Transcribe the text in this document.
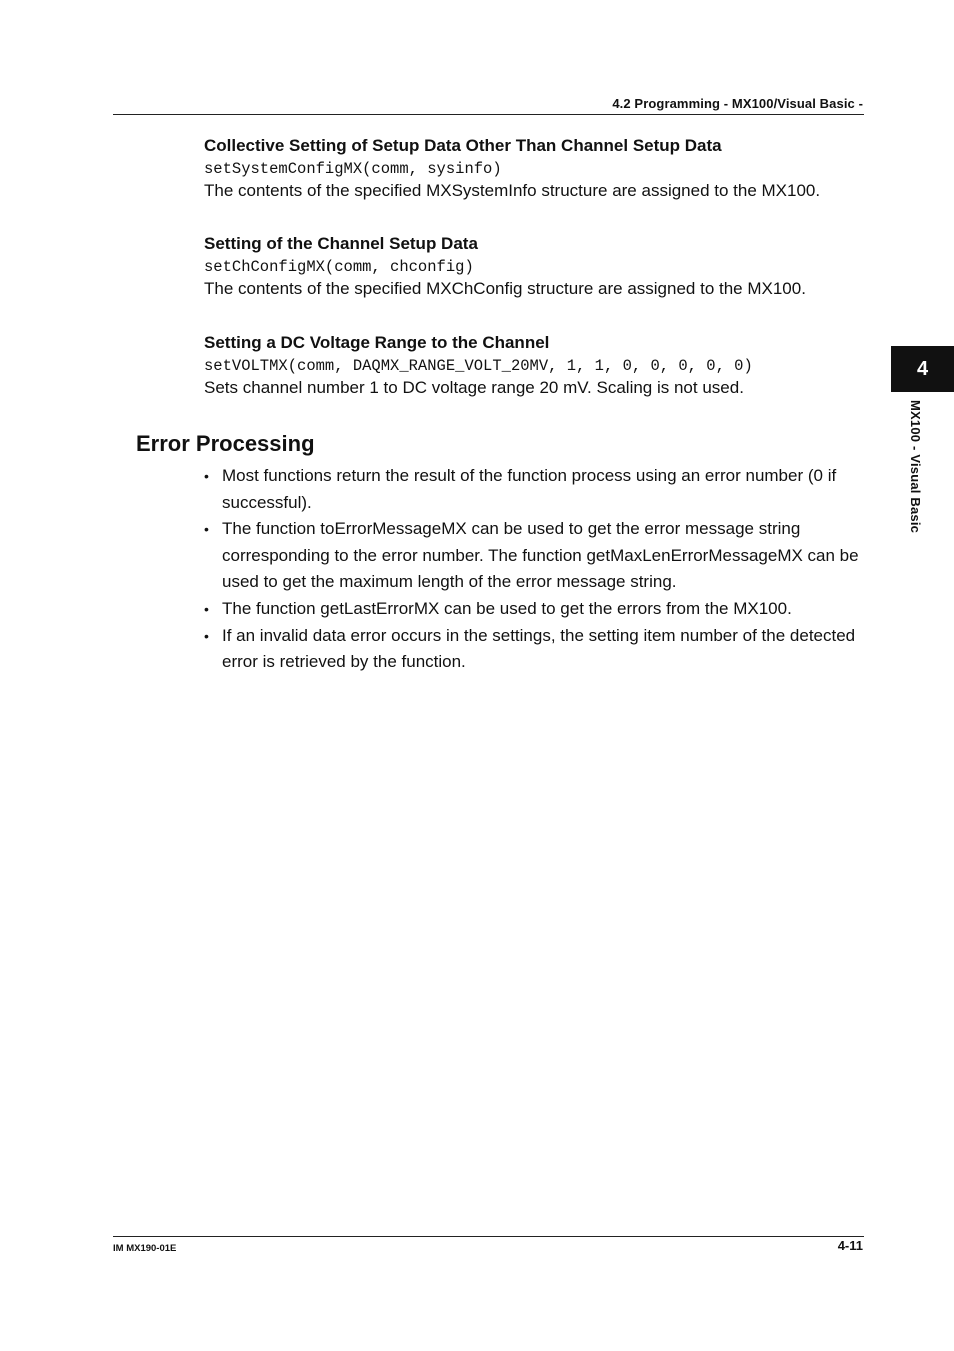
4.2 Programming - MX100/Visual Basic -
Collective Setting of Setup Data Other Than Channel Setup Data
setSystemConfigMX(comm, sysinfo)
The contents of the specified MXSystemInfo structure are assigned to the MX100.
Setting of the Channel Setup Data
setChConfigMX(comm, chconfig)
The contents of the specified MXChConfig structure are assigned to the MX100.
Setting a DC Voltage Range to the Channel
setVOLTMX(comm, DAQMX_RANGE_VOLT_20MV, 1, 1, 0, 0, 0, 0, 0)
Sets channel number 1 to DC voltage range 20 mV. Scaling is not used.
Error Processing
• Most functions return the result of the function process using an error number (0 if successful).
• The function toErrorMessageMX can be used to get the error message string corresponding to the error number. The function getMaxLenErrorMessageMX can be used to get the maximum length of the error message string.
• The function getLastErrorMX can be used to get the errors from the MX100.
• If an invalid data error occurs in the settings, the setting item number of the detected error is retrieved by the function.
4
MX100 - Visual Basic
IM MX190-01E	4-11
